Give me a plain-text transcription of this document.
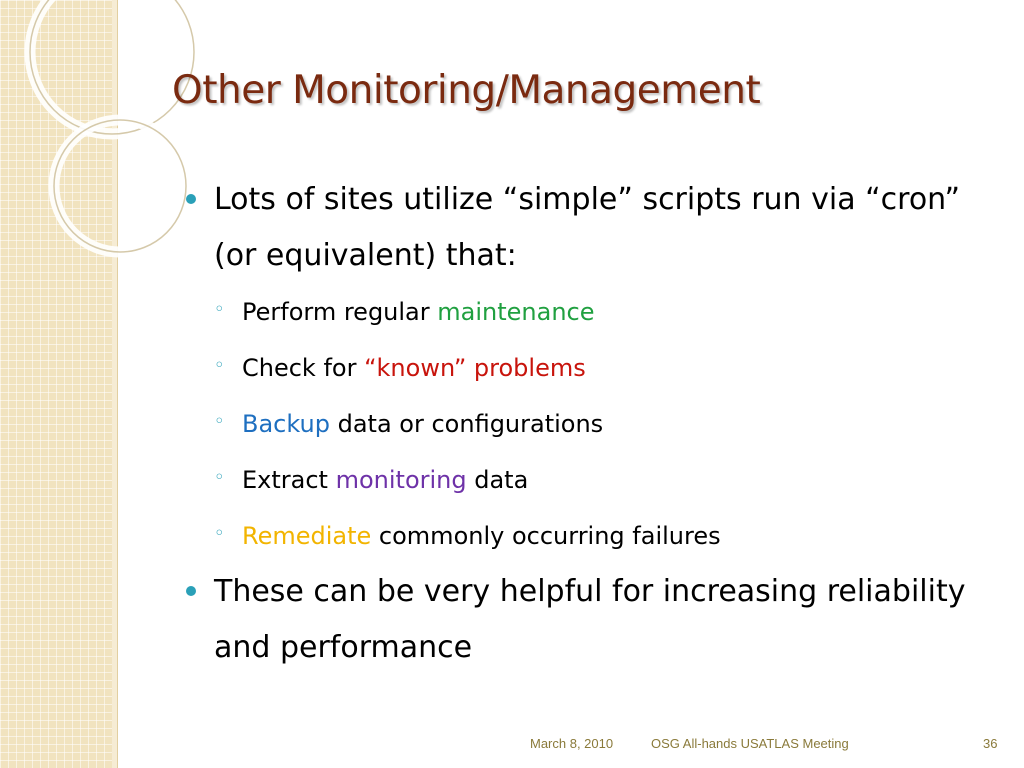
Other Monitoring/Management
Lots of sites utilize “simple” scripts run via “cron” (or equivalent) that:
◦ Perform regular maintenance
◦ Check for “known” problems
◦ Backup data or configurations
◦ Extract monitoring data
◦ Remediate commonly occurring failures
These can be very helpful for increasing reliability and performance
March 8, 2010	OSG All-hands USATLAS Meeting	36
